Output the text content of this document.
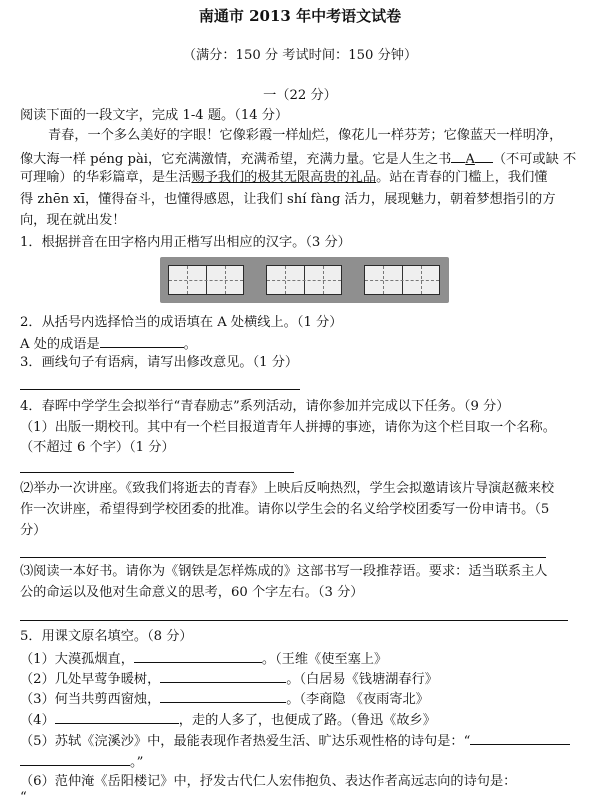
南通市 2013 年中考语文试卷
（满分：150 分 考试时间：150 分钟）
一（22 分）
阅读下面的一段文字，完成 1-4 题。（14 分）
青春，一个多么美好的字眼！它像彩霞一样灿烂，像花儿一样芬芳；它像蓝天一样明净，
像大海一样 péng pài，它充满激情，充满希望，充满力量。它是人生之书 A （不可或缺 不
可理喻）的华彩篇章，是生活赐予我们的极其无限高贵的礼品。站在青春的门槛上，我们懂
得 zhēn xī，懂得奋斗，也懂得感恩，让我们 shí fàng 活力，展现魅力，朝着梦想指引的方
向，现在就出发！
1．根据拼音在田字格内用正楷写出相应的汉字。（3 分）
2．从括号内选择恰当的成语填在 A 处横线上。（1 分）
A 处的成语是	。
3．画线句子有语病，请写出修改意见。（1 分）
4．春晖中学学生会拟举行“青春励志”系列活动，请你参加并完成以下任务。（9 分）
（1）出版一期校刊。其中有一个栏目报道青年人拼搏的事迹，请你为这个栏目取一个名称。
（不超过 6 个字）（1 分）
⑵举办一次讲座。《致我们将逝去的青春》上映后反响热烈，学生会拟邀请该片导演赵薇来校
作一次讲座，希望得到学校团委的批准。请你以学生会的名义给学校团委写一份申请书。（5
分）
⑶阅读一本好书。请你为《钢铁是怎样炼成的》这部书写一段推荐语。要求：适当联系主人
公的命运以及他对生命意义的思考，60 个字左右。（3 分）
5．用课文原名填空。（8 分）
（1）大漠孤烟直，	。（王维《使至塞上》
（2）几处早莺争暖树，	。（白居易《钱塘湖春行》
（3）何当共剪西窗烛，	。（李商隐 《夜雨寄北》
（4）	，走的人多了，也便成了路。（鲁迅《故乡》
（5）苏轼《浣溪沙》中，最能表现作者热爱生活、旷达乐观性格的诗句是：“
。”
（6）范仲淹《岳阳楼记》中，抒发古代仁人宏伟抱负、表达作者高远志向的诗句是：
“
